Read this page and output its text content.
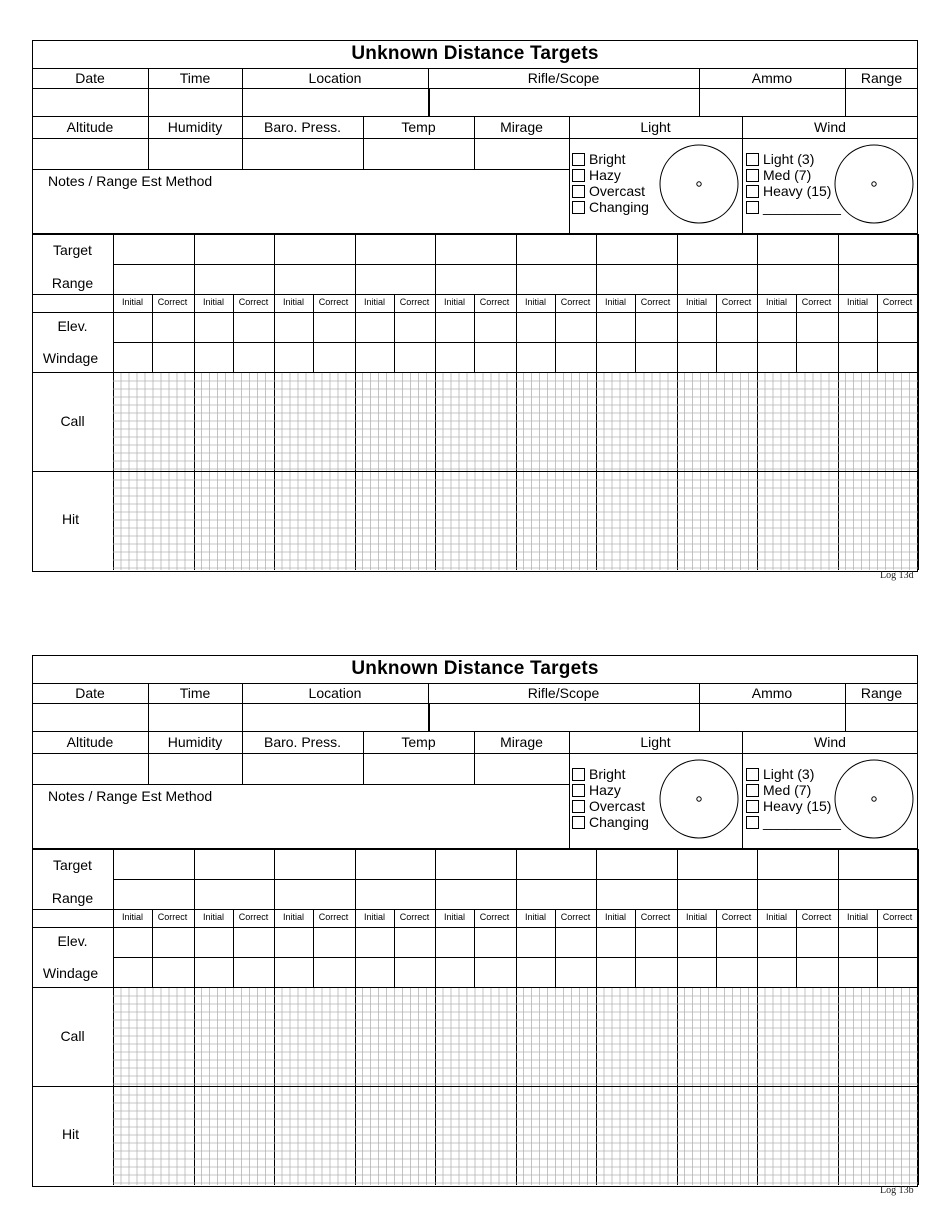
Unknown Distance Targets
Date	Time	Location	Rifle/Scope	Ammo	Range
Altitude	Humidity	Baro. Press.	Temp	Mirage	Light	Wind
Notes / Range Est Method
Bright
Hazy
Overcast
Changing
Light (3)
Med (7)
Heavy (15)
__________
Target
Range
Elev.
Windage
Call
Hit
Initial	Correct	Initial	Correct	Initial	Correct	Initial	Correct	Initial	Correct	Initial	Correct	Initial	Correct	Initial	Correct	Initial	Correct	Initial	Correct
Log 13d
Unknown Distance Targets
Date	Time	Location	Rifle/Scope	Ammo	Range
Altitude	Humidity	Baro. Press.	Temp	Mirage	Light	Wind
Notes / Range Est Method
Bright
Hazy
Overcast
Changing
Light (3)
Med (7)
Heavy (15)
__________
Target
Range
Elev.
Windage
Call
Hit
Initial	Correct	Initial	Correct	Initial	Correct	Initial	Correct	Initial	Correct	Initial	Correct	Initial	Correct	Initial	Correct	Initial	Correct	Initial	Correct
Log 13b
